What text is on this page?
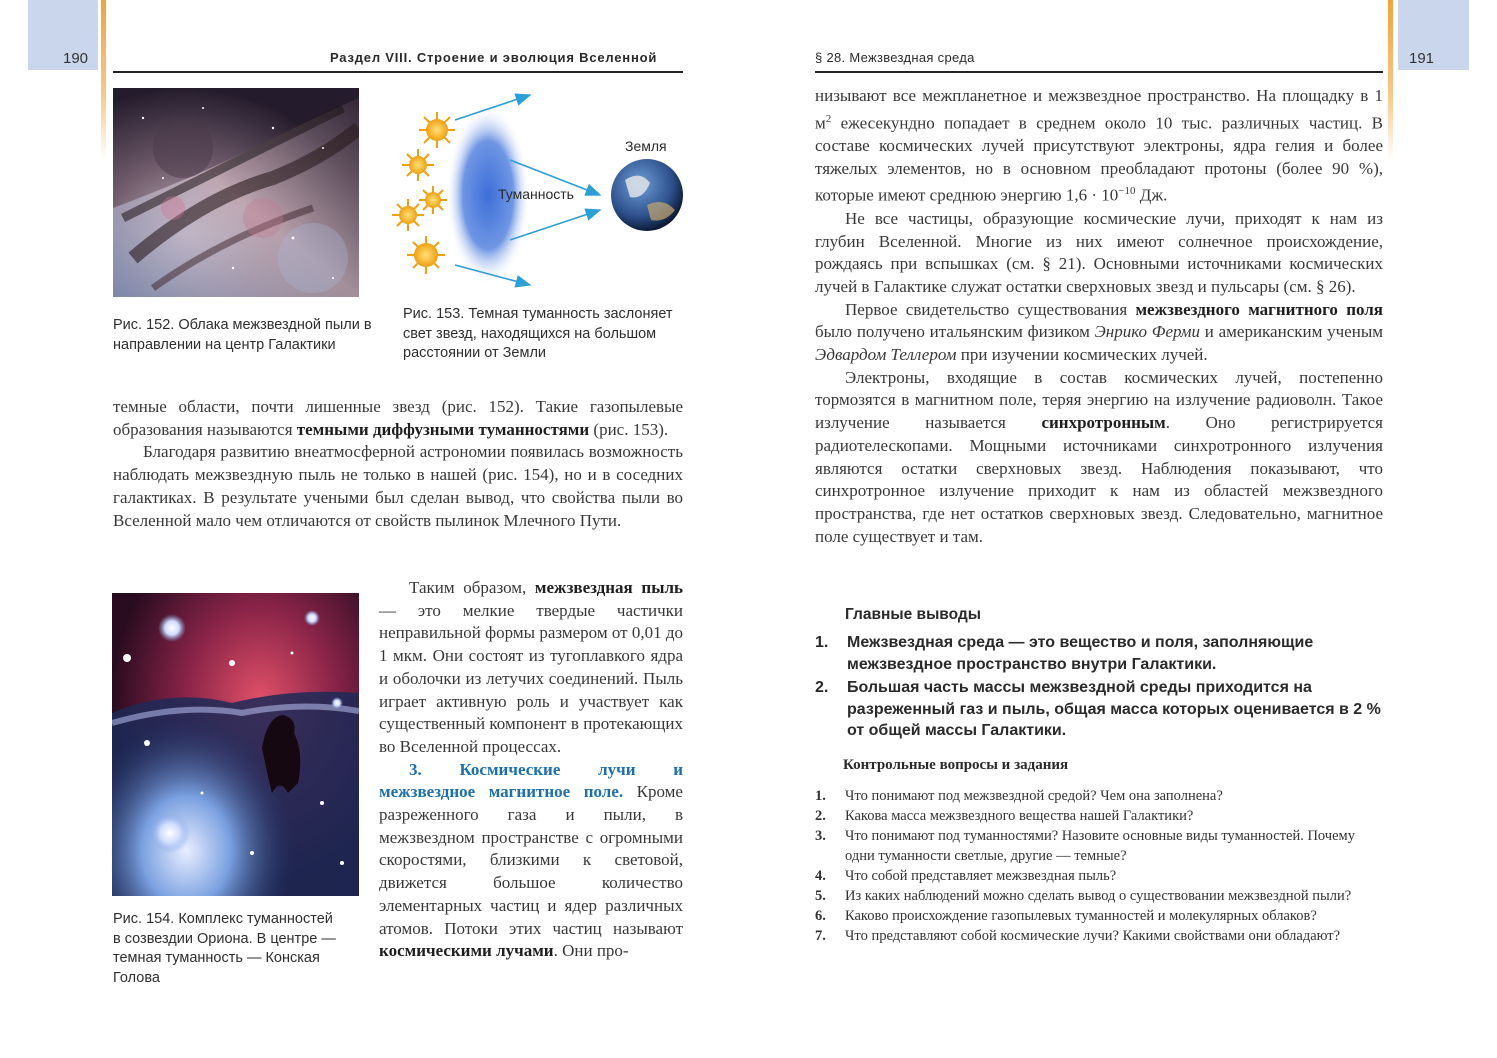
190	Раздел VIII. Строение и эволюция Вселенной
Рис. 152. Облака межзвездной пыли в направлении на центр Галактики
Земля
Туманность
Рис. 153. Темная туманность заслоняет свет звезд, находящихся на большом расстоянии от Земли

темные области, почти лишенные звезд (рис. 152). Такие газопылевые образования называются темными диффузными туманностями (рис. 153).

Благодаря развитию внеатмосферной астрономии появилась возможность наблюдать межзвездную пыль не только в нашей (рис. 154), но и в соседних галактиках. В результате учеными был сделан вывод, что свойства пыли во Вселенной мало чем отличаются от свойств пылинок Млечного Пути.

Рис. 154. Комплекс туманностей в созвездии Ориона. В центре — темная туманность — Конская Голова

Таким образом, межзвездная пыль — это мелкие твердые частички неправильной формы размером от 0,01 до 1 мкм. Они состоят из тугоплавкого ядра и оболочки из летучих соединений. Пыль играет активную роль и участвует как существенный компонент в протекающих во Вселенной процессах.

3. Космические лучи и межзвездное магнитное поле. Кроме разреженного газа и пыли, в межзвездном пространстве с огромными скоростями, близкими к световой, движется большое количество элементарных частиц и ядер различных атомов. Потоки этих частиц называют космическими лучами. Они про-

191
§ 28. Межзвездная среда

низывают все межпланетное и межзвездное пространство. На площадку в 1 $м^2$ ежесекундно попадает в среднем около 10 тыс. различных частиц. В составе космических лучей присутствуют электроны, ядра гелия и более тяжелых элементов, но в основном преобладают протоны (более 90 %), которые имеют среднюю энергию $1,6 \cdot 10^{-10}$ Дж.

Не все частицы, образующие космические лучи, приходят к нам из глубин Вселенной. Многие из них имеют солнечное происхождение, рождаясь при вспышках (см. § 21). Основными источниками космических лучей в Галактике служат остатки сверхновых звезд и пульсары (см. § 26).

Первое свидетельство существования межзвездного магнитного поля было получено итальянским физиком Энрико Ферми и американским ученым Эдвардом Теллером при изучении космических лучей.

Электроны, входящие в состав космических лучей, постепенно тормозятся в магнитном поле, теряя энергию на излучение радиоволн. Такое излучение называется синхротронным. Оно регистрируется радиотелескопами. Мощными источниками синхротронного излучения являются остатки сверхновых звезд. Наблюдения показывают, что синхротронное излучение приходит к нам из областей межзвездного пространства, где нет остатков сверхновых звезд. Следовательно, магнитное поле существует и там.

Главные выводы
1. Межзвездная среда — это вещество и поля, заполняющие межзвездное пространство внутри Галактики.
2. Большая часть массы межзвездной среды приходится на разреженный газ и пыль, общая масса которых оценивается в 2 % от общей массы Галактики.
Контрольные вопросы и задания
1. Что понимают под межзвездной средой? Чем она заполнена?
2. Какова масса межзвездного вещества нашей Галактики?
3. Что понимают под туманностями? Назовите основные виды туманностей. Почему одни туманности светлые, другие — темные?
4. Что собой представляет межзвездная пыль?
5. Из каких наблюдений можно сделать вывод о существовании межзвездной пыли?
6. Каково происхождение газопылевых туманностей и молекулярных облаков?
7. Что представляют собой космические лучи? Какими свойствами они обладают?
